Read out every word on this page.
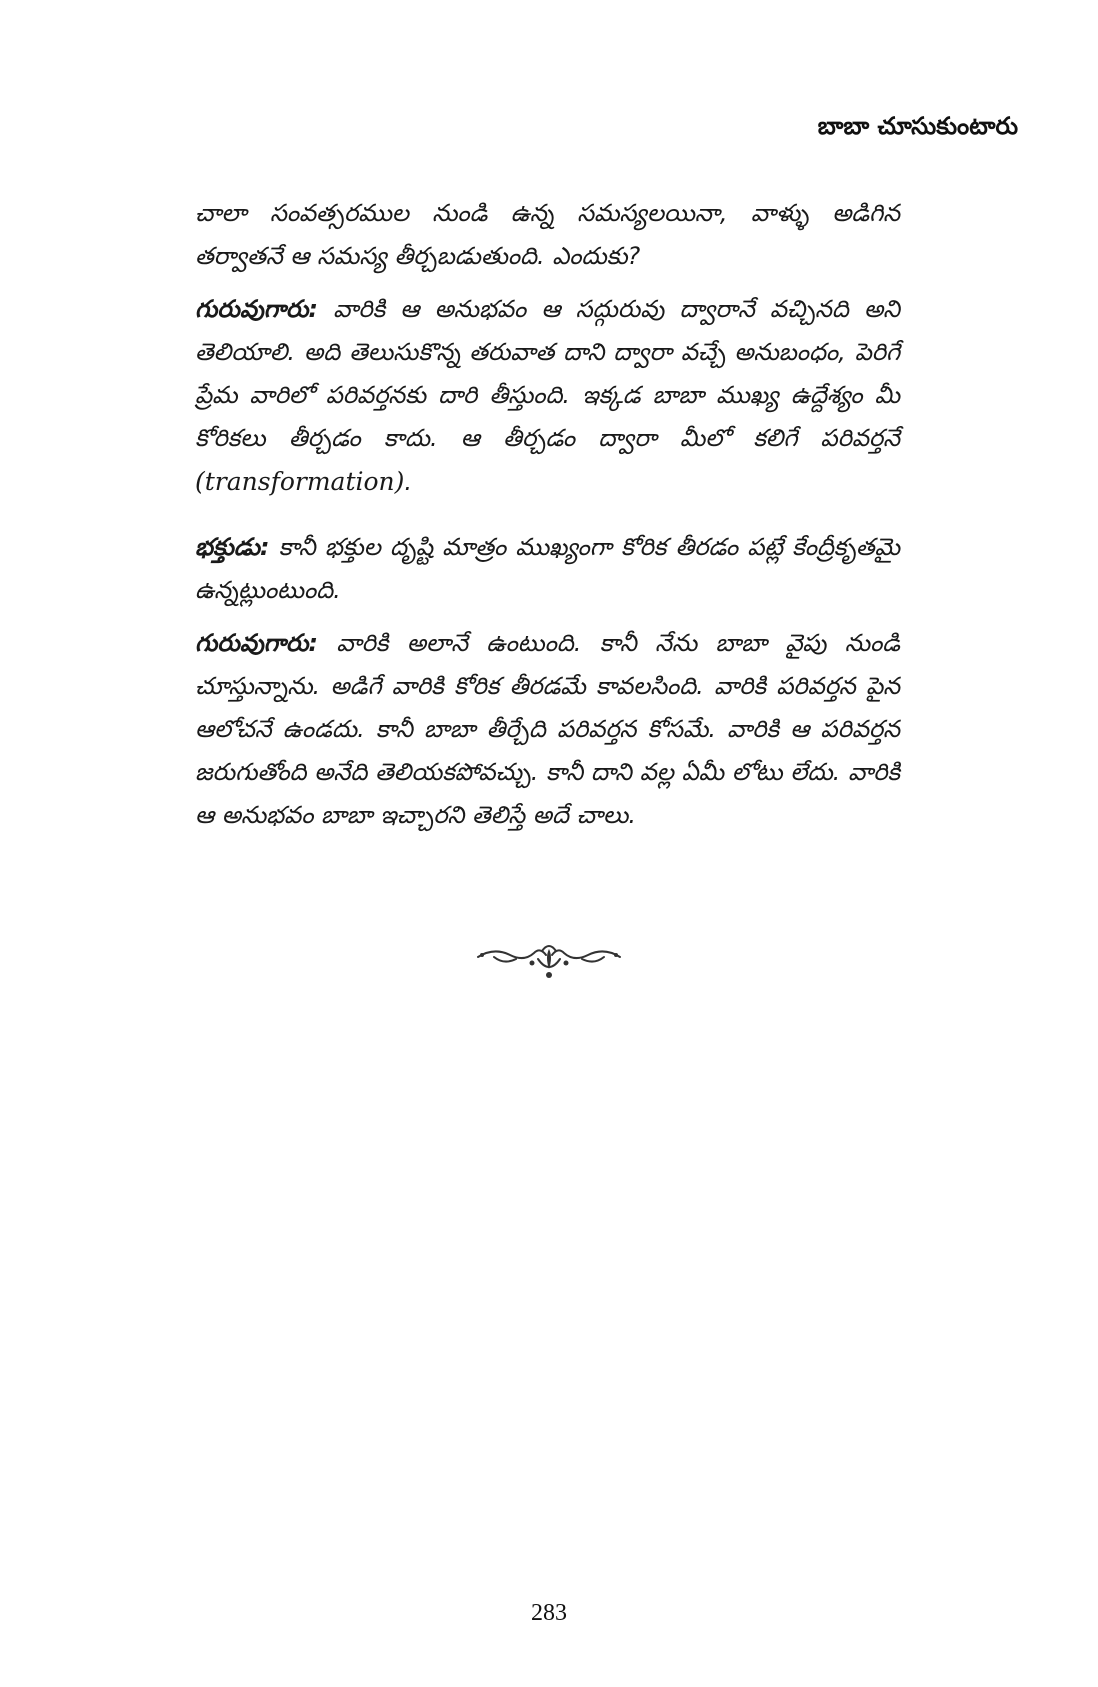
బాబా చూసుకుంటారు

చాలా సంవత్సరముల నుండి ఉన్న సమస్యలయినా, వాళ్ళు అడిగిన తర్వాతనే ఆ సమస్య తీర్చబడుతుంది. ఎందుకు?

గురువుగారు: వారికి ఆ అనుభవం ఆ సద్గురువు ద్వారానే వచ్చినది అని తెలియాలి. అది తెలుసుకొన్న తరువాత దాని ద్వారా వచ్చే అనుబంధం, పెరిగే ప్రేమ వారిలో పరివర్తనకు దారి తీస్తుంది. ఇక్కడ బాబా ముఖ్య ఉద్దేశ్యం మీ కోరికలు తీర్చడం కాదు. ఆ తీర్చడం ద్వారా మీలో కలిగే పరివర్తనే (transformation).

భక్తుడు: కానీ భక్తుల దృష్టి మాత్రం ముఖ్యంగా కోరిక తీరడం పట్లే కేంద్రీకృతమై ఉన్నట్లుంటుంది.

గురువుగారు: వారికి అలానే ఉంటుంది. కానీ నేను బాబా వైపు నుండి చూస్తున్నాను. అడిగే వారికి కోరిక తీరడమే కావలసింది. వారికి పరివర్తన పైన ఆలోచనే ఉండదు. కానీ బాబా తీర్చేది పరివర్తన కోసమే. వారికి ఆ పరివర్తన జరుగుతోంది అనేది తెలియకపోవచ్చు. కానీ దాని వల్ల ఏమీ లోటు లేదు. వారికి ఆ అనుభవం బాబా ఇచ్చారని తెలిస్తే అదే చాలు.

283
